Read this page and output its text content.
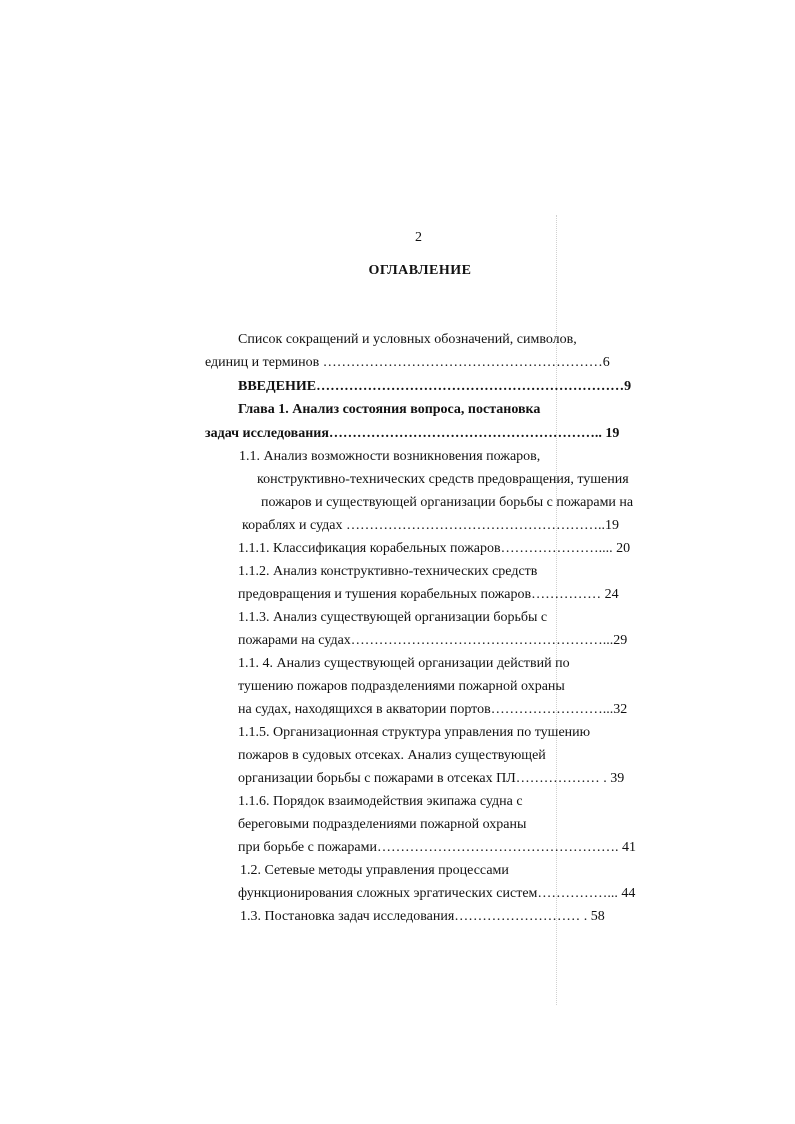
2
ОГЛАВЛЕНИЕ
Список сокращений и условных обозначений, символов,
единиц и терминов ……………………………………………………6
ВВЕДЕНИЕ…………………………………………………………9
Глава 1. Анализ состояния вопроса, постановка
задач исследования………………………………………………….. 19
1.1. Анализ возможности возникновения пожаров,
конструктивно-технических средств предовращения, тушения
пожаров и существующей организации борьбы с пожарами на
кораблях и судах ………………………………………………..19
1.1.1. Классификация корабельных пожаров………………….... 20
1.1.2. Анализ конструктивно-технических средств
предовращения и тушения корабельных пожаров…………… 24
1.1.3. Анализ существующей организации борьбы с
пожарами на судах………………………………………………...29
1.1. 4. Анализ существующей организации действий по
тушению пожаров подразделениями пожарной охраны
на судах, находящихся в акватории портов……………………...32
1.1.5. Организационная структура управления по тушению
пожаров в судовых отсеках. Анализ существующей
организации борьбы с пожарами в отсеках ПЛ……………… . 39
1.1.6. Порядок взаимодействия экипажа судна с
береговыми подразделениями пожарной охраны
при борьбе с пожарами……………………………………………. 41
1.2. Сетевые методы управления процессами
функционирования сложных эргатических систем……………... 44
1.3. Постановка задач исследования……………………… . 58
